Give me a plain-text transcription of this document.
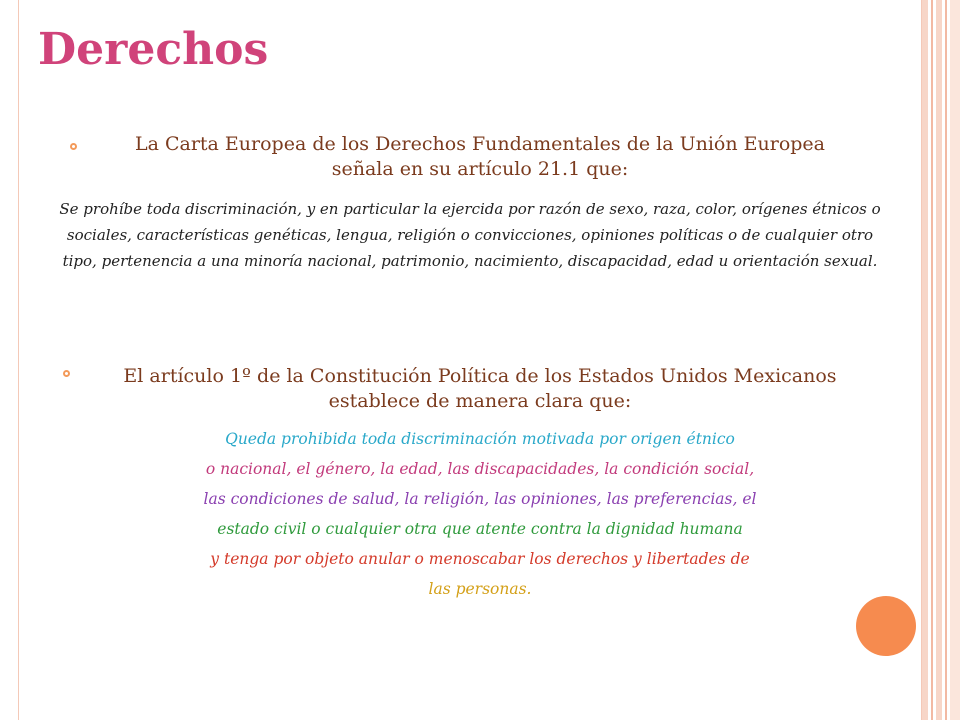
Derechos
La Carta Europea de los Derechos Fundamentales de la Unión Europea
señala en su artículo 21.1 que:
Se prohíbe toda discriminación, y en particular la ejercida por razón de sexo, raza, color, orígenes étnicos o sociales, características genéticas, lengua, religión o convicciones, opiniones políticas o de cualquier otro tipo, pertenencia a una minoría nacional, patrimonio, nacimiento, discapacidad, edad u orientación sexual.
El artículo 1º de la Constitución Política de los Estados Unidos Mexicanos
establece de manera clara que:
Queda prohibida toda discriminación motivada por origen étnico
o nacional, el género, la edad, las discapacidades, la condición social,
las condiciones de salud, la religión, las opiniones, las preferencias, el
estado civil o cualquier otra que atente contra la dignidad humana
y tenga por objeto anular o menoscabar los derechos y libertades de
las personas.
